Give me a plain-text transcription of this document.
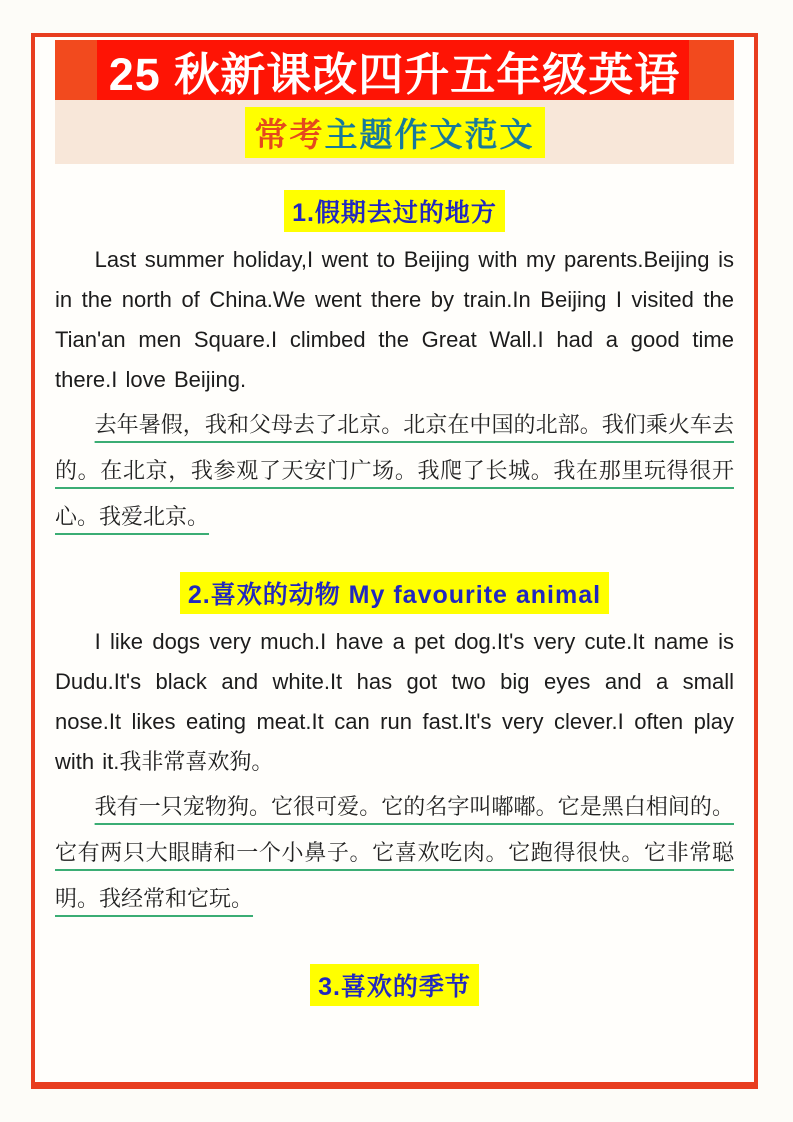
25 秋新课改四升五年级英语
常考主题作文范文
1.假期去过的地方

Last summer holiday,I went to Beijing with my parents.Beijing is in the north of China.We went there by train.In Beijing I visited the Tian'an men Square.I climbed the Great Wall.I had a good time there.I love Beijing.

去年暑假，我和父母去了北京。北京在中国的北部。我们乘火车去的。在北京，我参观了天安门广场。我爬了长城。我在那里玩得很开心。我爱北京。

2.喜欢的动物 My favourite animal

I like dogs very much.I have a pet dog.It's very cute.It name is Dudu.It's black and white.It has got two big eyes and a small nose.It likes eating meat.It can run fast.It's very clever.I often play with it.我非常喜欢狗。

我有一只宠物狗。它很可爱。它的名字叫嘟嘟。它是黑白相间的。它有两只大眼睛和一个小鼻子。它喜欢吃肉。它跑得很快。它非常聪明。我经常和它玩。

3.喜欢的季节
